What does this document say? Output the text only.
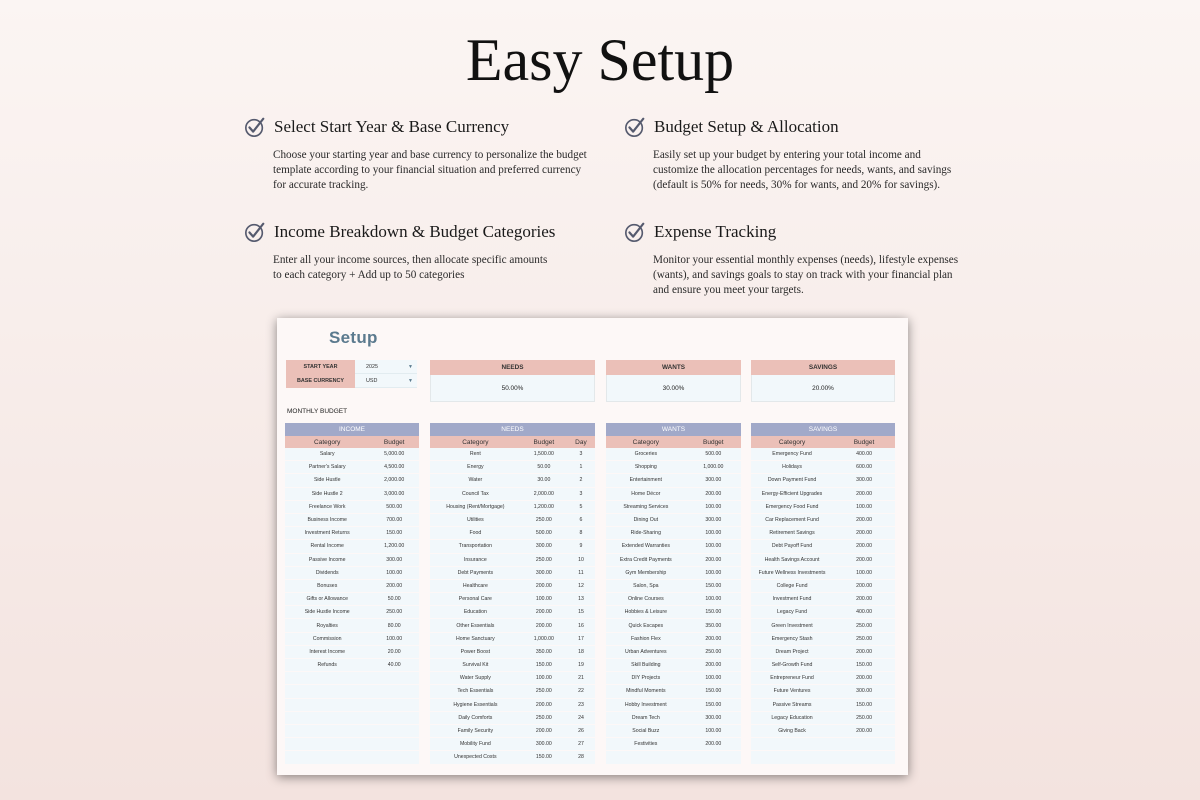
Easy Setup
Select Start Year & Base Currency
Choose your starting year and base currency to personalize the budget template according to your financial situation and preferred currency for accurate tracking.
Budget Setup & Allocation
Easily set up your budget by entering your total income and customize the allocation percentages for needs, wants, and savings (default is 50% for needs, 30% for wants, and 20% for savings).
Income Breakdown & Budget Categories
Enter all your income sources, then allocate specific amounts to each category + Add up to 50 categories
Expense Tracking
Monitor your essential monthly expenses (needs), lifestyle expenses (wants), and savings goals to stay on track with your financial plan and ensure you meet your targets.
Setup
START YEAR	2025	▼
BASE CURRENCY	USD	▼
NEEDS
50.00%
WANTS
30.00%
SAVINGS
20.00%
MONTHLY BUDGET
INCOME
Category	Budget
Salary	5,000.00
Partner's Salary	4,500.00
Side Hustle	2,000.00
Side Hustle 2	3,000.00
Freelance Work	500.00
Business Income	700.00
Investment Returns	150.00
Rental Income	1,200.00
Passive Income	300.00
Dividends	100.00
Bonuses	200.00
Gifts or Allowance	50.00
Side Hustle Income	250.00
Royalties	80.00
Commission	100.00
Interest Income	20.00
Refunds	40.00
NEEDS
Category	Budget	Day
Rent	1,500.00	3
Energy	50.00	1
Water	30.00	2
Council Tax	2,000.00	3
Housing (Rent/Mortgage)	1,200.00	5
Utilities	250.00	6
Food	500.00	8
Transportation	300.00	9
Insurance	250.00	10
Debt Payments	300.00	11
Healthcare	200.00	12
Personal Care	100.00	13
Education	200.00	15
Other Essentials	200.00	16
Home Sanctuary	1,000.00	17
Power Boost	350.00	18
Survival Kit	150.00	19
Water Supply	100.00	21
Tech Essentials	250.00	22
Hygiene Essentials	200.00	23
Daily Comforts	250.00	24
Family Security	200.00	26
Mobility Fund	300.00	27
Unexpected Costs	150.00	28
WANTS
Category	Budget
Groceries	500.00
Shopping	1,000.00
Entertainment	300.00
Home Décor	200.00
Streaming Services	100.00
Dining Out	300.00
Ride-Sharing	100.00
Extended Warranties	100.00
Extra Credit Payments	200.00
Gym Membership	100.00
Salon, Spa	150.00
Online Courses	100.00
Hobbies & Leisure	150.00
Quick Escapes	350.00
Fashion Flex	200.00
Urban Adventures	250.00
Skill Building	200.00
DIY Projects	100.00
Mindful Moments	150.00
Hobby Investment	150.00
Dream Tech	300.00
Social Buzz	100.00
Festivities	200.00
SAVINGS
Category	Budget
Emergency Fund	400.00
Holidays	600.00
Down Payment Fund	300.00
Energy-Efficient Upgrades	200.00
Emergency Food Fund	100.00
Car Replacement Fund	200.00
Retirement Savings	200.00
Debt Payoff Fund	200.00
Health Savings Account	200.00
Future Wellness Investments	100.00
College Fund	200.00
Investment Fund	200.00
Legacy Fund	400.00
Green Investment	250.00
Emergency Stash	250.00
Dream Project	200.00
Self-Growth Fund	150.00
Entrepreneur Fund	200.00
Future Ventures	300.00
Passive Streams	150.00
Legacy Education	250.00
Giving Back	200.00
